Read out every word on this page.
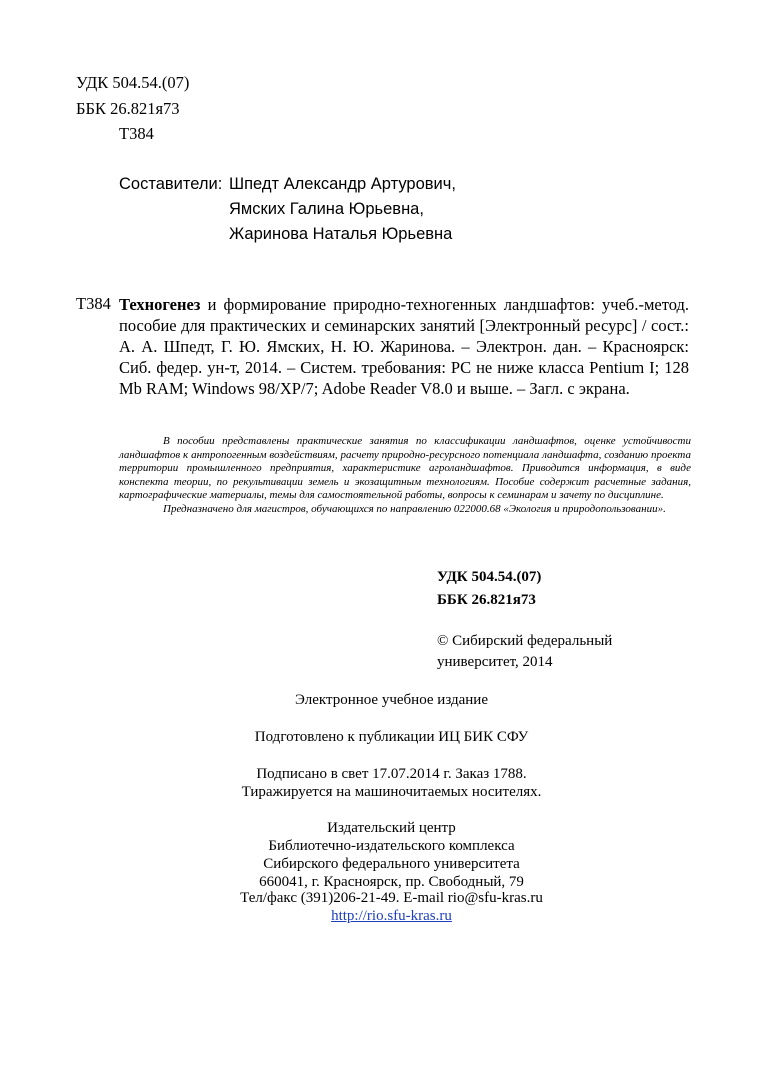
УДК 504.54.(07)
ББК 26.821я73
Т384
Составители: Шпедт Александр Артурович,
Ямских Галина Юрьевна,
Жаринова Наталья Юрьевна
Т384 Техногенез и формирование природно-техногенных ландшафтов: учеб.-метод. пособие для практических и семинарских занятий [Электронный ресурс] / сост.: А. А. Шпедт, Г. Ю. Ямских, Н. Ю. Жаринова. – Электрон. дан. – Красноярск: Сиб. федер. ун-т, 2014. – Систем. требования: PC не ниже класса Pentium I; 128 Mb RAM; Windows 98/XP/7; Adobe Reader V8.0 и выше. – Загл. с экрана.

В пособии представлены практические занятия по классификации ландшафтов, оценке устойчивости ландшафтов к антропогенным воздействиям, расчету природно-ресурсного потенциала ландшафта, созданию проекта территории промышленного предприятия, характеристике агроландшафтов. Приводится информация, в виде конспекта теории, по рекультивации земель и экозащитным технологиям. Пособие содержит расчетные задания, картографические материалы, темы для самостоятельной работы, вопросы к семинарам и зачету по дисциплине.

Предназначено для магистров, обучающихся по направлению 022000.68 «Экология и природопользовании».

УДК 504.54.(07)
ББК 26.821я73
© Сибирский федеральный
университет, 2014
Электронное учебное издание
Подготовлено к публикации ИЦ БИК СФУ
Подписано в свет 17.07.2014 г. Заказ 1788.
Тиражируется на машиночитаемых носителях.
Издательский центр
Библиотечно-издательского комплекса
Сибирского федерального университета
660041, г. Красноярск, пр. Свободный, 79
Тел/факс (391)206-21-49. E-mail rio@sfu-kras.ru
http://rio.sfu-kras.ru
